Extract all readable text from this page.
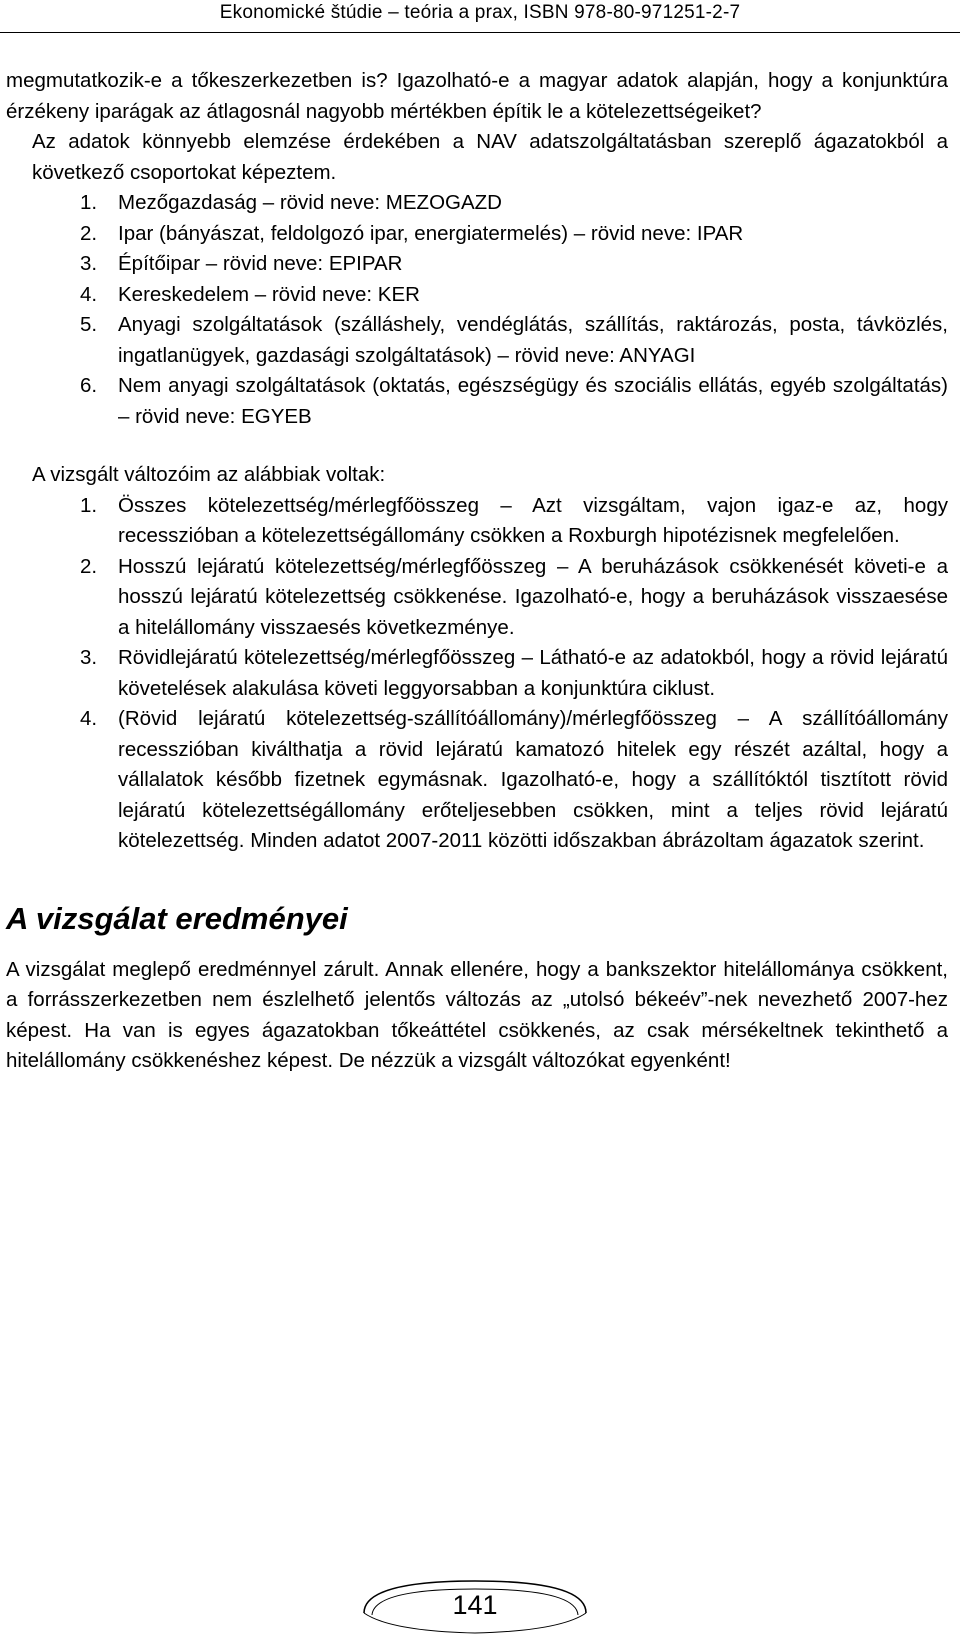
Ekonomické štúdie – teória a prax, ISBN 978-80-971251-2-7

megmutatkozik-e a tőkeszerkezetben is? Igazolható-e a magyar adatok alapján, hogy a konjunktúra érzékeny iparágak az átlagosnál nagyobb mértékben építik le a kötelezettségeiket?

Az adatok könnyebb elemzése érdekében a NAV adatszolgáltatásban szereplő ágazatokból a következő csoportokat képeztem.

1.	Mezőgazdaság – rövid neve: MEZOGAZD
2.	Ipar (bányászat, feldolgozó ipar, energiatermelés) – rövid neve: IPAR
3.	Építőipar – rövid neve: EPIPAR
4.	Kereskedelem – rövid neve: KER
5.	Anyagi szolgáltatások (szálláshely, vendéglátás, szállítás, raktározás, posta, távközlés, ingatlanügyek, gazdasági szolgáltatások) – rövid neve: ANYAGI
6.	Nem anyagi szolgáltatások (oktatás, egészségügy és szociális ellátás, egyéb szolgáltatás) – rövid neve: EGYEB

A vizsgált változóim az alábbiak voltak:

1.	Összes kötelezettség/mérlegfőösszeg – Azt vizsgáltam, vajon igaz-e az, hogy recesszióban a kötelezettségállomány csökken a Roxburgh hipotézisnek megfelelően.
2.	Hosszú lejáratú kötelezettség/mérlegfőösszeg – A beruházások csökkenését követi-e a hosszú lejáratú kötelezettség csökkenése. Igazolható-e, hogy a beruházások visszaesése a hitelállomány visszaesés következménye.
3.	Rövidlejáratú kötelezettség/mérlegfőösszeg – Látható-e az adatokból, hogy a rövid lejáratú követelések alakulása követi leggyorsabban a konjunktúra ciklust.
4.	(Rövid lejáratú kötelezettség-szállítóállomány)/mérlegfőösszeg – A szállítóállomány recesszióban kiválthatja a rövid lejáratú kamatozó hitelek egy részét azáltal, hogy a vállalatok később fizetnek egymásnak. Igazolható-e, hogy a szállítóktól tisztított rövid lejáratú kötelezettségállomány erőteljesebben csökken, mint a teljes rövid lejáratú kötelezettség. Minden adatot 2007-2011 közötti időszakban ábrázoltam ágazatok szerint.
A vizsgálat eredményei

A vizsgálat meglepő eredménnyel zárult. Annak ellenére, hogy a bankszektor hitelállománya csökkent, a forrásszerkezetben nem észlelhető jelentős változás az „utolsó békeév”-nek nevezhető 2007-hez képest. Ha van is egyes ágazatokban tőkeáttétel csökkenés, az csak mérsékeltnek tekinthető a hitelállomány csökkenéshez képest. De nézzük a vizsgált változókat egyenként!

141
